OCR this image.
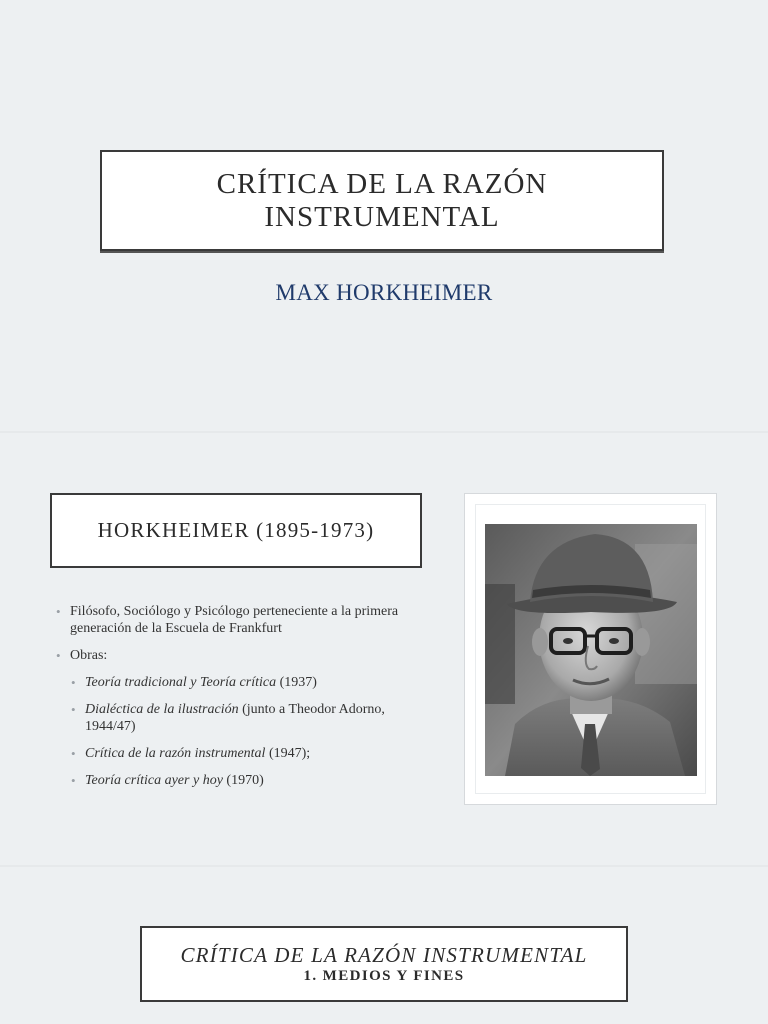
CRÍTICA DE LA RAZÓN
INSTRUMENTAL
MAX HORKHEIMER
HORKHEIMER (1895-1973)
• Filósofo, Sociólogo y Psicólogo perteneciente a la primera generación de la Escuela de Frankfurt
• Obras:
• Teoría tradicional y Teoría crítica (1937)
• Dialéctica de la ilustración (junto a Theodor Adorno, 1944/47)
• Crítica de la razón instrumental (1947);
• Teoría crítica ayer y hoy (1970)
CRÍTICA DE LA RAZÓN INSTRUMENTAL
1. MEDIOS Y FINES
